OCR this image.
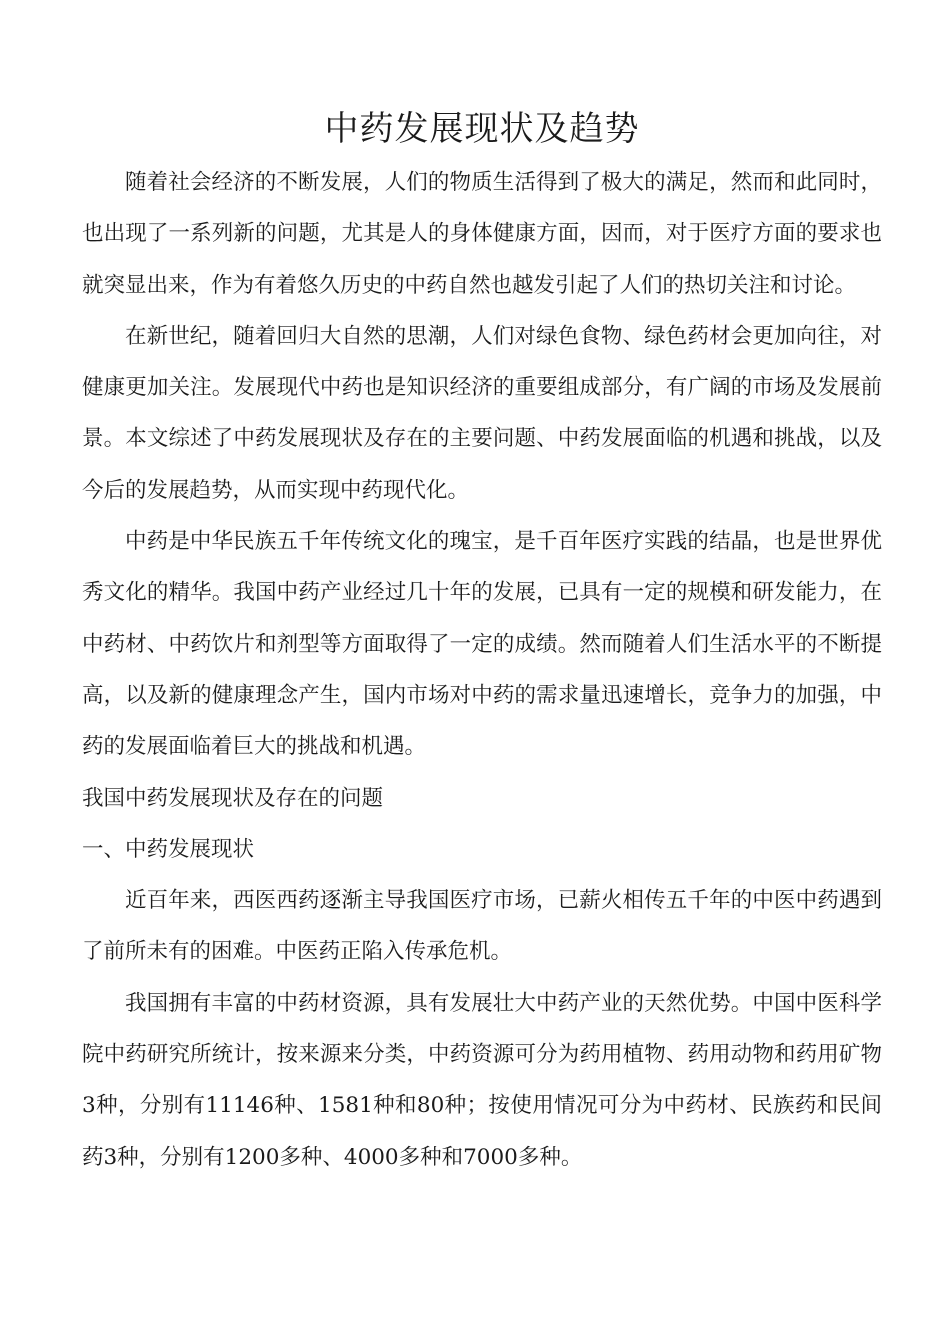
中药发展现状及趋势

随着社会经济的不断发展，人们的物质生活得到了极大的满足，然而和此同时，也出现了一系列新的问题，尤其是人的身体健康方面，因而，对于医疗方面的要求也就突显出来，作为有着悠久历史的中药自然也越发引起了人们的热切关注和讨论。

在新世纪，随着回归大自然的思潮，人们对绿色食物、绿色药材会更加向往，对健康更加关注。发展现代中药也是知识经济的重要组成部分，有广阔的市场及发展前景。本文综述了中药发展现状及存在的主要问题、中药发展面临的机遇和挑战，以及今后的发展趋势，从而实现中药现代化。

中药是中华民族五千年传统文化的瑰宝，是千百年医疗实践的结晶，也是世界优秀文化的精华。我国中药产业经过几十年的发展，已具有一定的规模和研发能力，在中药材、中药饮片和剂型等方面取得了一定的成绩。然而随着人们生活水平的不断提高，以及新的健康理念产生，国内市场对中药的需求量迅速增长，竞争力的加强，中药的发展面临着巨大的挑战和机遇。

我国中药发展现状及存在的问题

一、中药发展现状

近百年来，西医西药逐渐主导我国医疗市场，已薪火相传五千年的中医中药遇到了前所未有的困难。中医药正陷入传承危机。

我国拥有丰富的中药材资源，具有发展壮大中药产业的天然优势。中国中医科学院中药研究所统计，按来源来分类，中药资源可分为药用植物、药用动物和药用矿物3种，分别有11146种、1581种和80种；按使用情况可分为中药材、民族药和民间药3种，分别有1200多种、4000多种和7000多种。
